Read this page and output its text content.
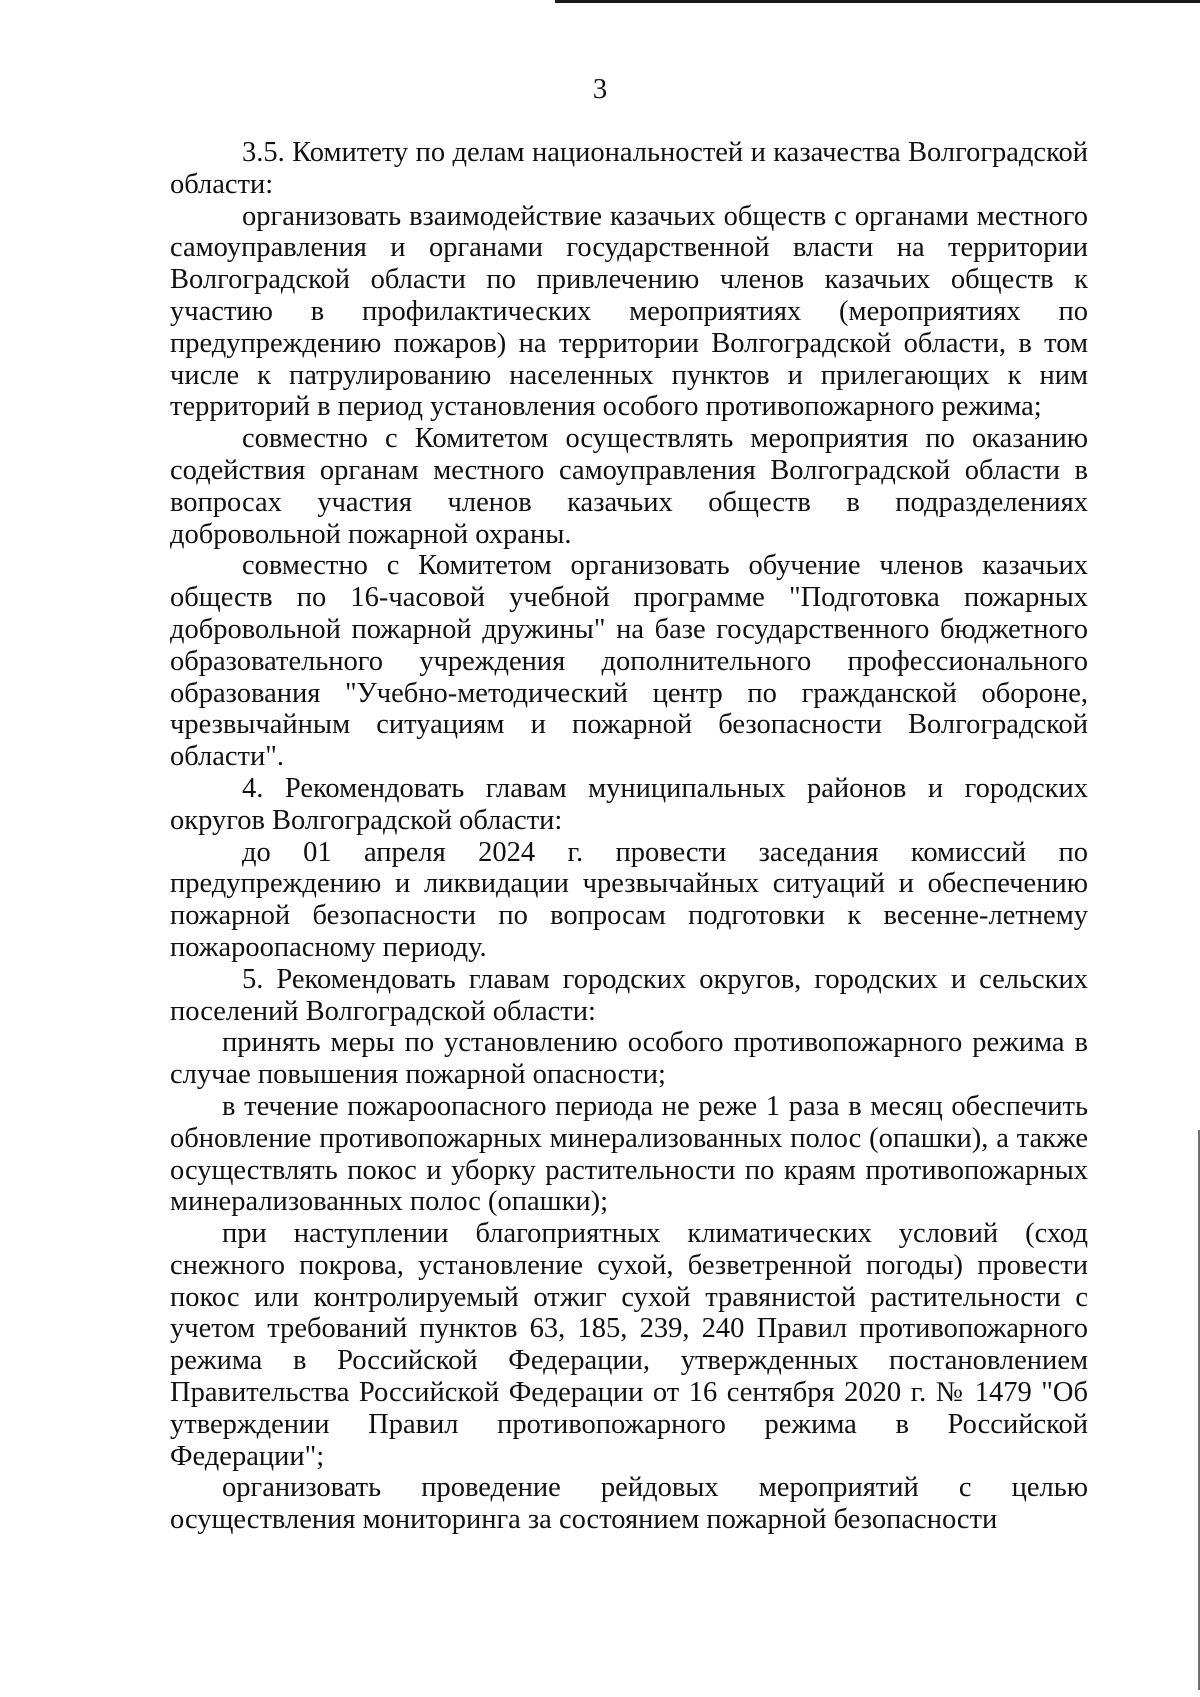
3

3.5. Комитету по делам национальностей и казачества Волгоградской области:

организовать взаимодействие казачьих обществ с органами местного самоуправления и органами государственной власти на территории Волгоградской области по привлечению членов казачьих обществ к участию в профилактических мероприятиях (мероприятиях по предупреждению пожаров) на территории Волгоградской области, в том числе к патрулированию населенных пунктов и прилегающих к ним территорий в период установления особого противопожарного режима;

совместно с Комитетом осуществлять мероприятия по оказанию содействия органам местного самоуправления Волгоградской области в вопросах участия членов казачьих обществ в подразделениях добровольной пожарной охраны.

совместно с Комитетом организовать обучение членов казачьих обществ по 16-часовой учебной программе "Подготовка пожарных добровольной пожарной дружины" на базе государственного бюджетного образовательного учреждения дополнительного профессионального образования "Учебно-методический центр по гражданской обороне, чрезвычайным ситуациям и пожарной безопасности Волгоградской области".

4. Рекомендовать главам муниципальных районов и городских округов Волгоградской области:

до 01 апреля 2024 г. провести заседания комиссий по предупреждению и ликвидации чрезвычайных ситуаций и обеспечению пожарной безопасности по вопросам подготовки к весенне-летнему пожароопасному периоду.

5. Рекомендовать главам городских округов, городских и сельских поселений Волгоградской области:

принять меры по установлению особого противопожарного режима в случае повышения пожарной опасности;

в течение пожароопасного периода не реже 1 раза в месяц обеспечить обновление противопожарных минерализованных полос (опашки), а также осуществлять покос и уборку растительности по краям противопожарных минерализованных полос (опашки);

при наступлении благоприятных климатических условий (сход снежного покрова, установление сухой, безветренной погоды) провести покос или контролируемый отжиг сухой травянистой растительности с учетом требований пунктов 63, 185, 239, 240 Правил противопожарного режима в Российской Федерации, утвержденных постановлением Правительства Российской Федерации от 16 сентября 2020 г. № 1479 "Об утверждении Правил противопожарного режима в Российской Федерации";

организовать проведение рейдовых мероприятий с целью осуществления мониторинга за состоянием пожарной безопасности
